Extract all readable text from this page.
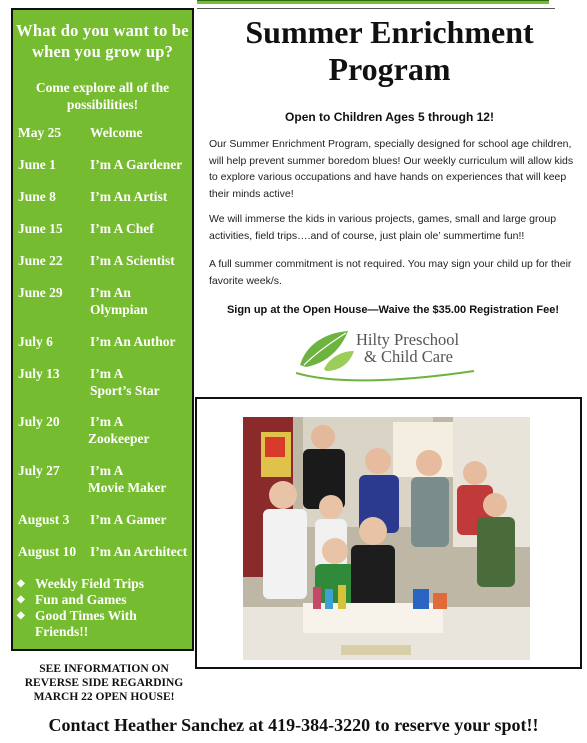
What do you want to be when you grow up?
Come explore all of the possibilities!
May 25 Welcome
June 1	I’m A Gardener
June 8	I’m An Artist
June 15 I’m A Chef
June 22 I’m A Scientist
June 29 I’m An
Olympian
July 6	I’m An Author
July 13 I’m A
Sport’s Star
July 20 I’m A
Zookeeper
July 27 I’m A
Movie Maker
August 3 I’m A Gamer
August 10 I’m An Architect
◆ Weekly Field Trips
◆ Fun and Games
◆ Good Times With Friends!!
SEE INFORMATION ON REVERSE SIDE REGARDING MARCH 22 OPEN HOUSE!
Contact Heather Sanchez at 419-384-3220 to reserve your spot!!
Summer Enrichment Program
Open to Children Ages 5 through 12!
Our Summer Enrichment Program, specially designed for school age children, will help prevent summer boredom blues! Our weekly curriculum will allow kids to explore various occupations and have hands on experiences that will keep their minds active!
We will immerse the kids in various projects, games, small and large group activities, field trips….and of course, just plain ole’ summertime fun!!
A full summer commitment is not required. You may sign your child up for their favorite week/s.
Sign up at the Open House—Waive the $35.00 Registration Fee!
Hilty Preschool
& Child Care
